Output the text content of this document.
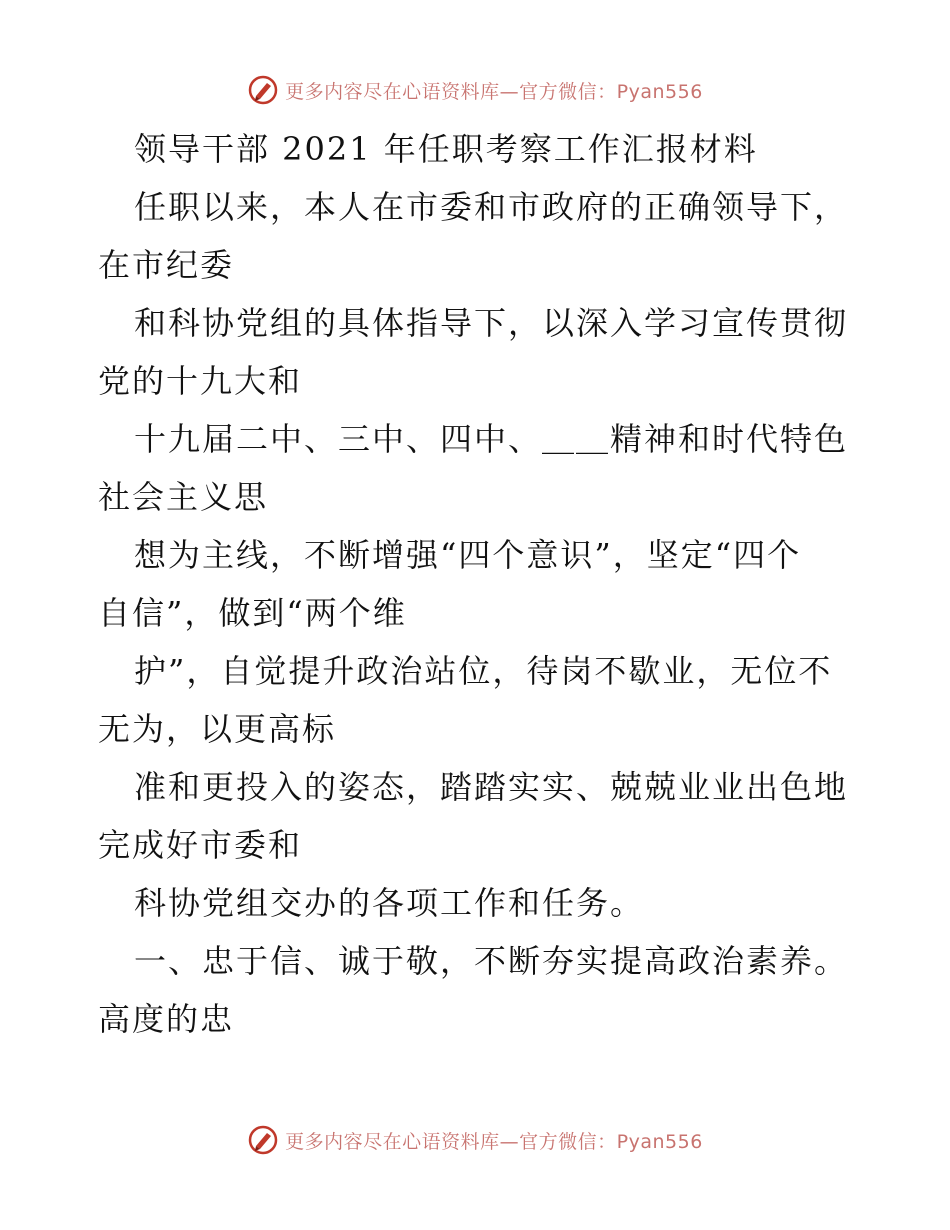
更多内容尽在心语资料库—官方微信：Pyan556
领导干部 2021 年任职考察工作汇报材料
任职以来，本人在市委和市政府的正确领导下，
在市纪委
和科协党组的具体指导下，以深入学习宣传贯彻
党的十九大和
十九届二中、三中、四中、＿＿精神和时代特色
社会主义思
想为主线，不断增强“四个意识”，坚定“四个
自信”，做到“两个维
护”，自觉提升政治站位，待岗不歇业，无位不
无为，以更高标
准和更投入的姿态，踏踏实实、兢兢业业出色地
完成好市委和
科协党组交办的各项工作和任务。
一、忠于信、诚于敬，不断夯实提高政治素养。
高度的忠
更多内容尽在心语资料库—官方微信：Pyan556
